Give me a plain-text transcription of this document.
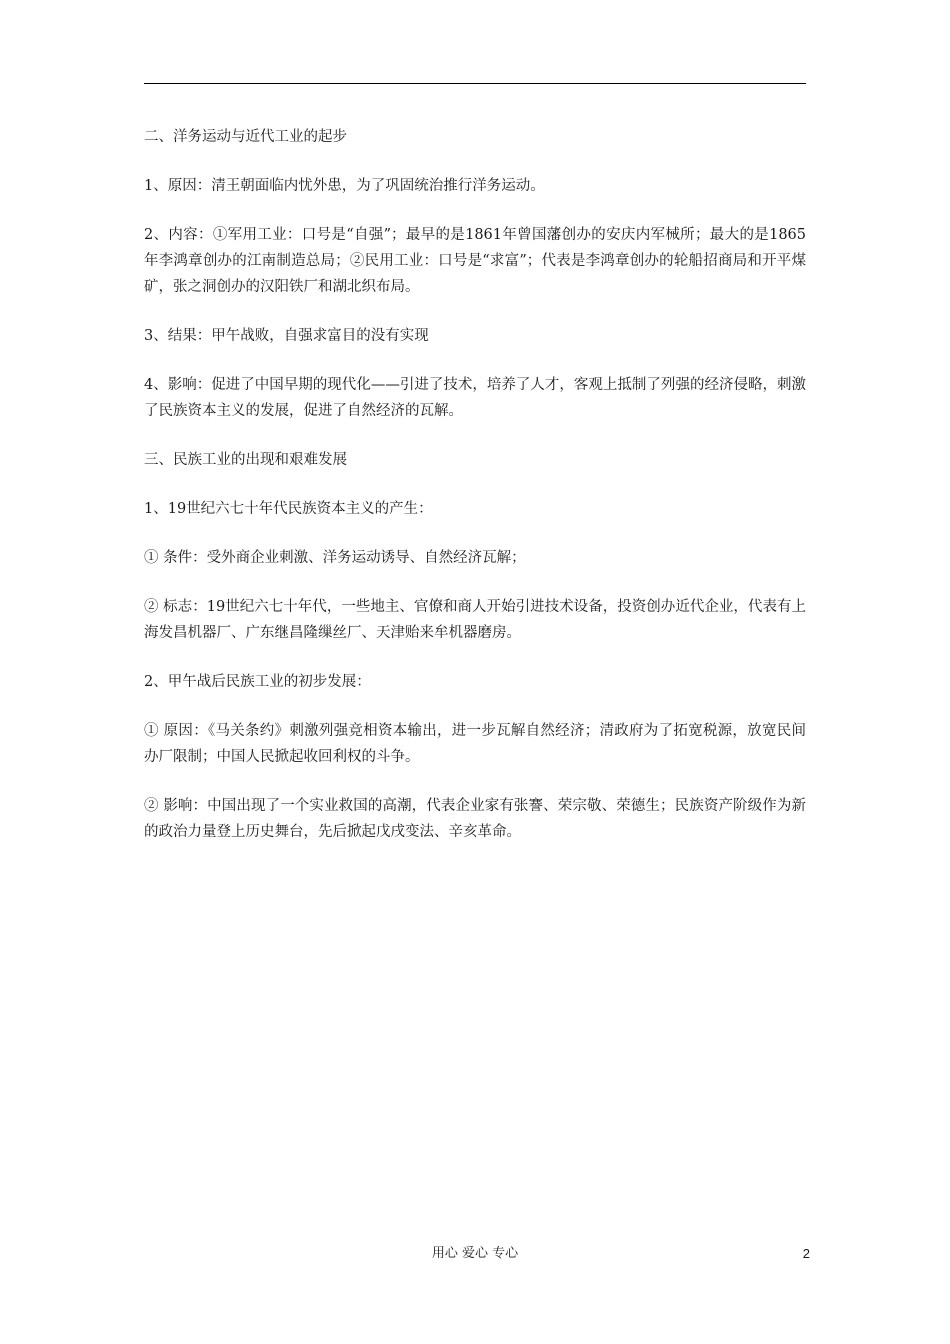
二、洋务运动与近代工业的起步

1、原因：清王朝面临内忧外患，为了巩固统治推行洋务运动。

2、内容：①军用工业：口号是“自强”；最早的是1861年曾国藩创办的安庆内军械所；最大的是1865年李鸿章创办的江南制造总局；②民用工业：口号是“求富”；代表是李鸿章创办的轮船招商局和开平煤矿，张之洞创办的汉阳铁厂和湖北织布局。

3、结果：甲午战败，自强求富目的没有实现

4、影响：促进了中国早期的现代化——引进了技术，培养了人才，客观上抵制了列强的经济侵略，刺激了民族资本主义的发展，促进了自然经济的瓦解。

三、民族工业的出现和艰难发展

1、19世纪六七十年代民族资本主义的产生：

① 条件：受外商企业刺激、洋务运动诱导、自然经济瓦解；

② 标志：19世纪六七十年代，一些地主、官僚和商人开始引进技术设备，投资创办近代企业，代表有上海发昌机器厂、广东继昌隆缫丝厂、天津贻来牟机器磨房。

2、甲午战后民族工业的初步发展：

① 原因：《马关条约》刺激列强竞相资本输出，进一步瓦解自然经济；清政府为了拓宽税源，放宽民间办厂限制；中国人民掀起收回利权的斗争。

② 影响：中国出现了一个实业救国的高潮，代表企业家有张謇、荣宗敬、荣德生；民族资产阶级作为新的政治力量登上历史舞台，先后掀起戊戌变法、辛亥革命。

用心 爱心 专心	2
